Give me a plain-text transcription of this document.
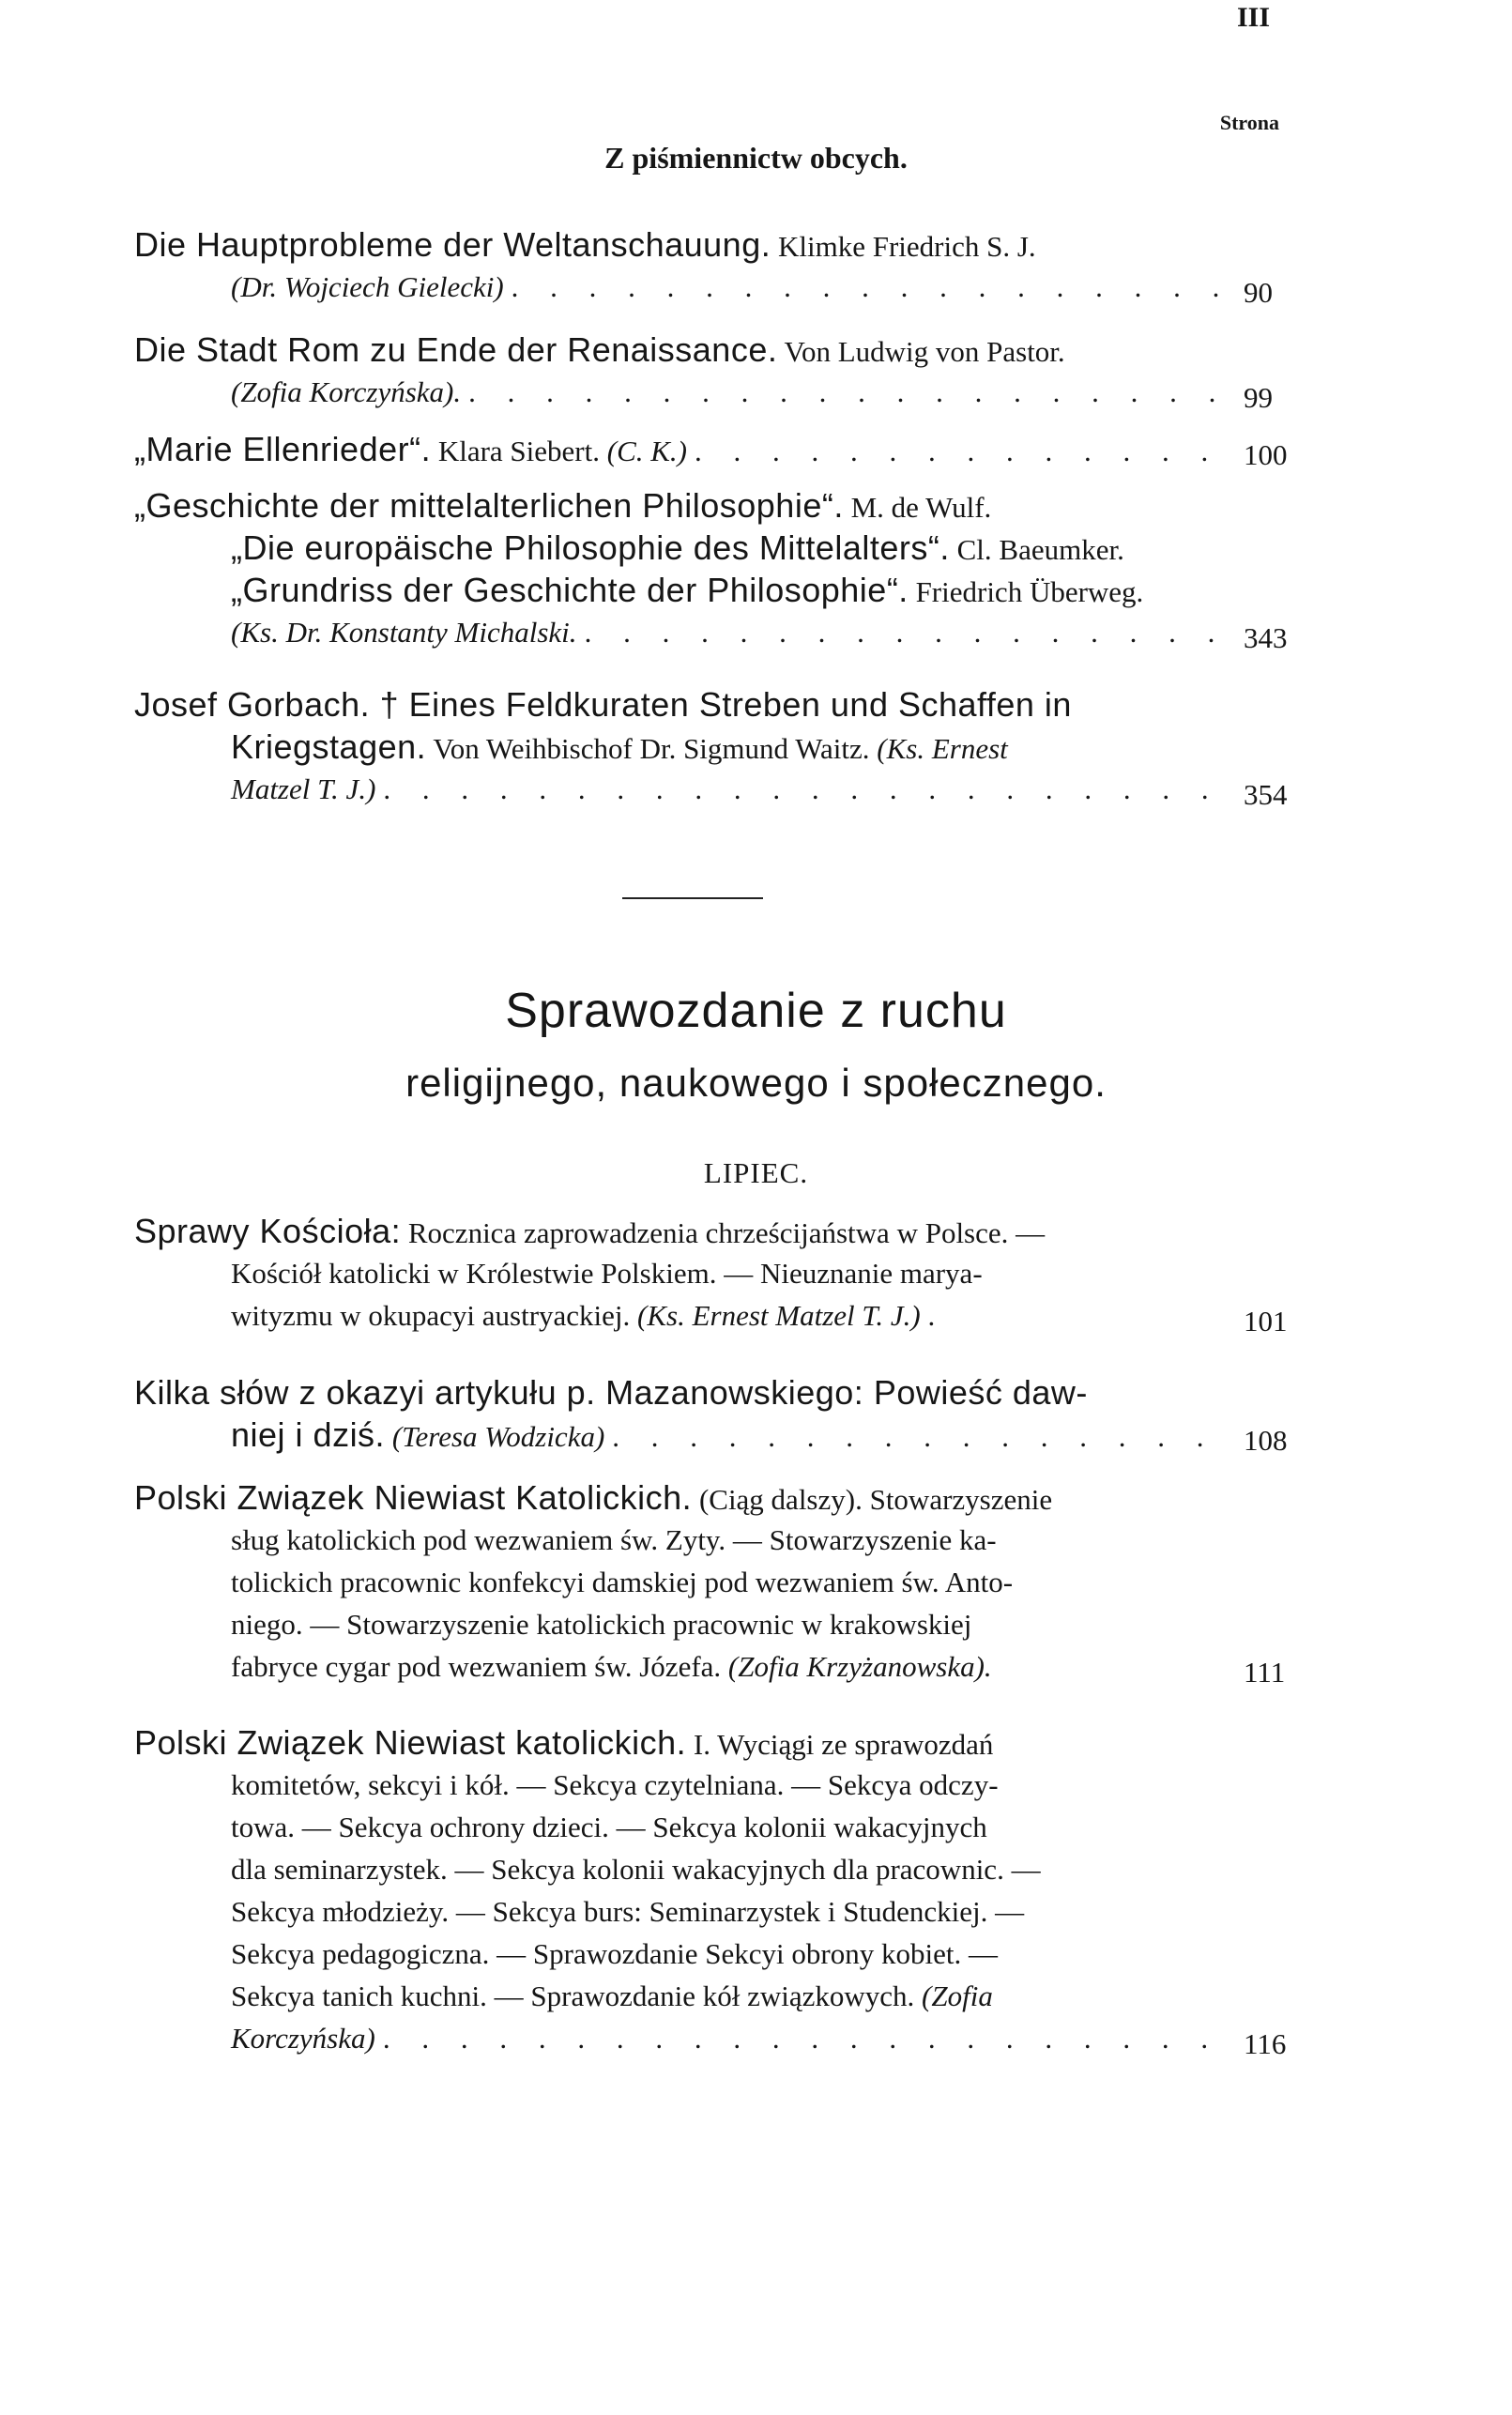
III
Strona
Z piśmiennictw obcych.
Die Hauptprobleme der Weltanschauung. Klimke Friedrich S. J.
(Dr. Wojciech Gielecki) . . .	90
Die Stadt Rom zu Ende der Renaissance. Von Ludwig von Pastor.
(Zofia Korczyńska). . . .	99
„Marie Ellenrieder“. Klara Siebert. (C. K.) . . .	100
„Geschichte der mittelalterlichen Philosophie“. M. de Wulf.
„Die europäische Philosophie des Mittelalters“. Cl. Baeumker.
„Grundriss der Geschichte der Philosophie“. Friedrich Überweg.
(Ks. Dr. Konstanty Michalski. . . .	343
Josef Gorbach. † Eines Feldkuraten Streben und Schaffen in
Kriegstagen. Von Weihbischof Dr. Sigmund Waitz. (Ks. Ernest
Matzel T. J.) . . .	354
Sprawozdanie z ruchu
religijnego, naukowego i społecznego.
LIPIEC.
Sprawy Kościoła: Rocznica zaprowadzenia chrześcijaństwa w Polsce. —
Kościół katolicki w Królestwie Polskiem. — Nieuznanie marya-
wityzmu w okupacyi austryackiej. (Ks. Ernest Matzel T. J.) .	101
Kilka słów z okazyi artykułu p. Mazanowskiego: Powieść daw-
niej i dziś. (Teresa Wodzicka) . . .	108
Polski Związek Niewiast Katolickich. (Ciąg dalszy). Stowarzyszenie
sług katolickich pod wezwaniem św. Zyty. — Stowarzyszenie ka-
tolickich pracownic konfekcyi damskiej pod wezwaniem św. Anto-
niego. — Stowarzyszenie katolickich pracownic w krakowskiej
fabryce cygar pod wezwaniem św. Józefa. (Zofia Krzyżanowska).	111
Polski Związek Niewiast katolickich. I. Wyciągi ze sprawozdań
komitetów, sekcyi i kół. — Sekcya czytelniana. — Sekcya odczy-
towa. — Sekcya ochrony dzieci. — Sekcya kolonii wakacyjnych
dla seminarzystek. — Sekcya kolonii wakacyjnych dla pracownic. —
Sekcya młodzieży. — Sekcya burs: Seminarzystek i Studenckiej. —
Sekcya pedagogiczna. — Sprawozdanie Sekcyi obrony kobiet. —
Sekcya tanich kuchni. — Sprawozdanie kół związkowych. (Zofia
Korczyńska) . . .	116
